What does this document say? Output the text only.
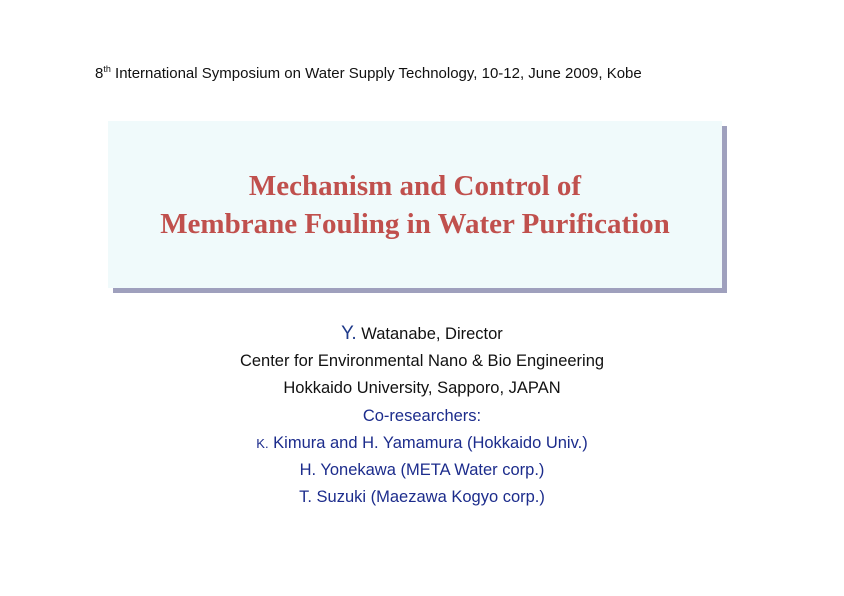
8th International Symposium on Water Supply Technology, 10-12, June 2009, Kobe
Mechanism and Control of
Membrane Fouling in Water Purification
Y. Watanabe, Director
Center for Environmental Nano & Bio Engineering
Hokkaido University, Sapporo, JAPAN
Co-researchers:
K. Kimura and H. Yamamura (Hokkaido Univ.)
H. Yonekawa (META Water corp.)
T. Suzuki (Maezawa Kogyo corp.)
